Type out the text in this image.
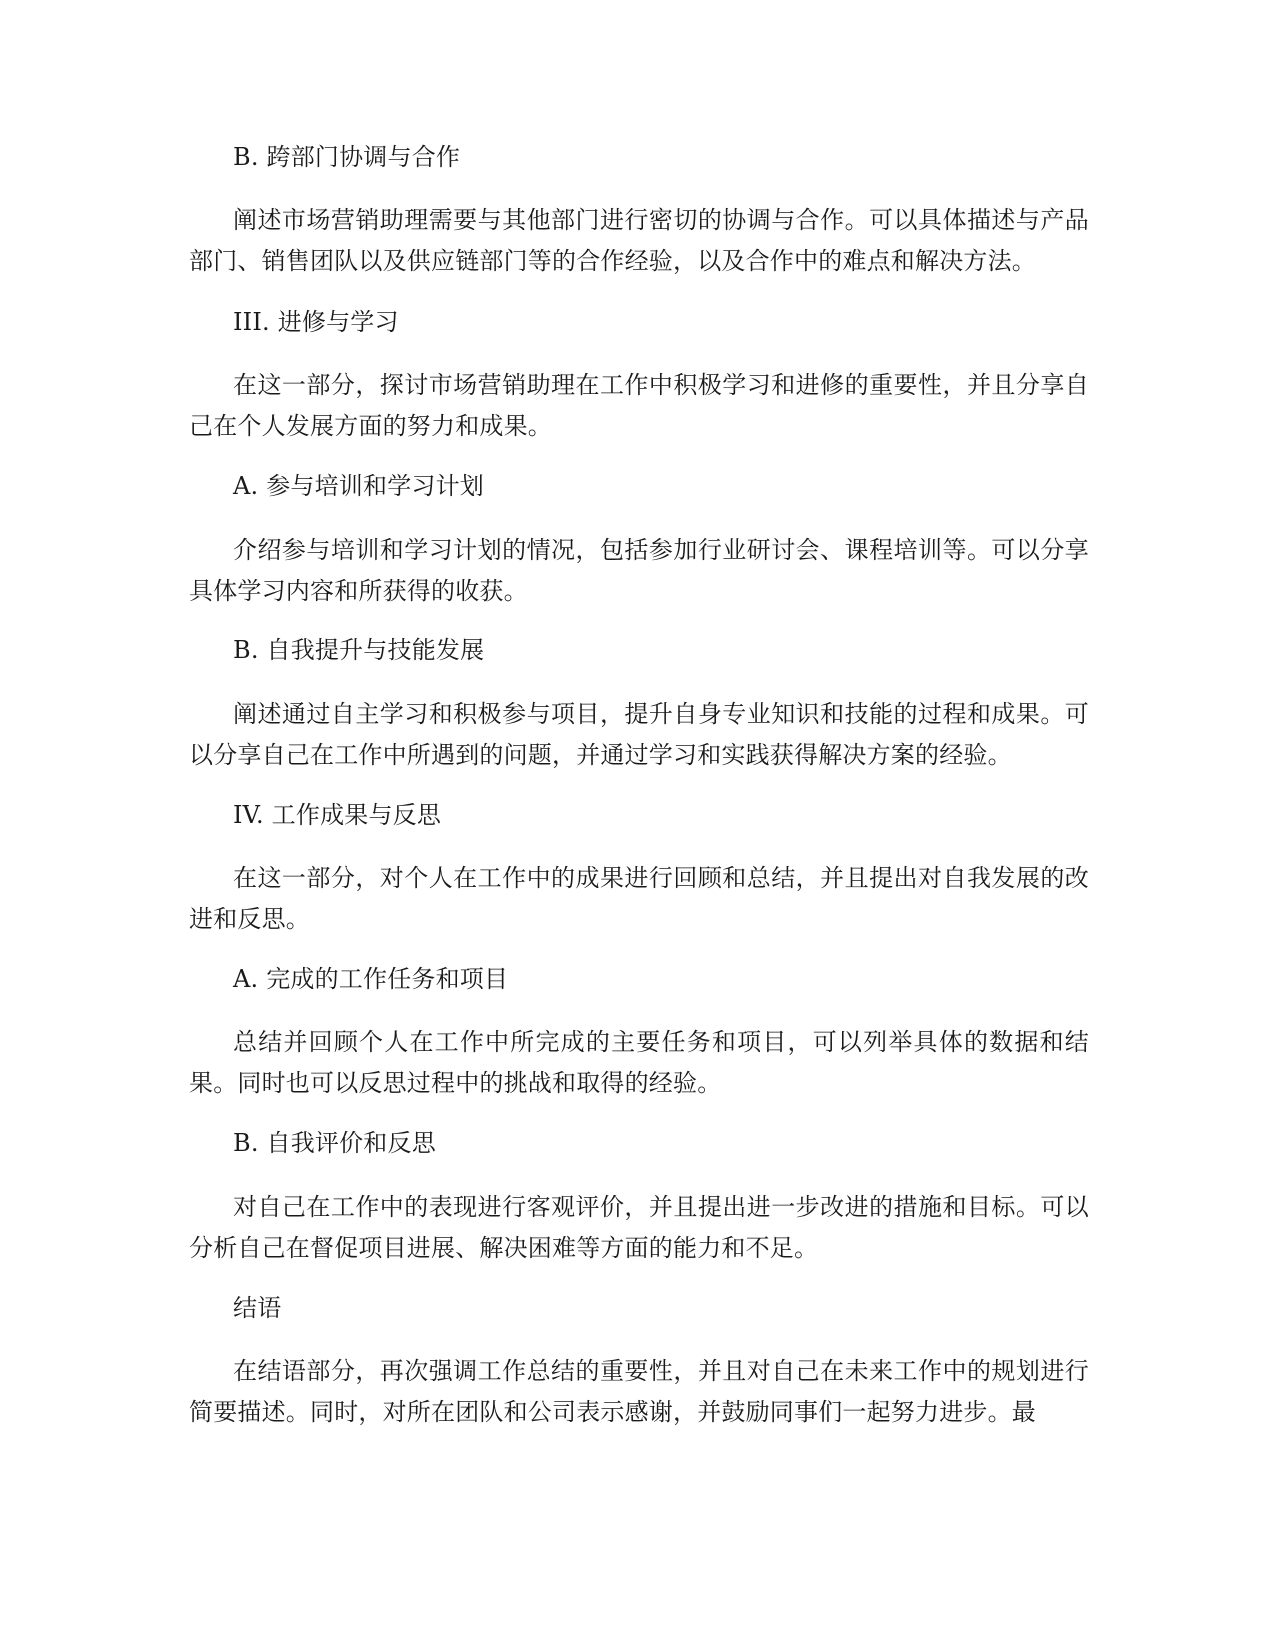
B. 跨部门协调与合作

阐述市场营销助理需要与其他部门进行密切的协调与合作。可以具体描述与产品部门、销售团队以及供应链部门等的合作经验，以及合作中的难点和解决方法。

III. 进修与学习

在这一部分，探讨市场营销助理在工作中积极学习和进修的重要性，并且分享自己在个人发展方面的努力和成果。

A. 参与培训和学习计划

介绍参与培训和学习计划的情况，包括参加行业研讨会、课程培训等。可以分享具体学习内容和所获得的收获。

B. 自我提升与技能发展

阐述通过自主学习和积极参与项目，提升自身专业知识和技能的过程和成果。可以分享自己在工作中所遇到的问题，并通过学习和实践获得解决方案的经验。

IV. 工作成果与反思

在这一部分，对个人在工作中的成果进行回顾和总结，并且提出对自我发展的改进和反思。

A. 完成的工作任务和项目

总结并回顾个人在工作中所完成的主要任务和项目，可以列举具体的数据和结果。同时也可以反思过程中的挑战和取得的经验。

B. 自我评价和反思

对自己在工作中的表现进行客观评价，并且提出进一步改进的措施和目标。可以分析自己在督促项目进展、解决困难等方面的能力和不足。

结语

在结语部分，再次强调工作总结的重要性，并且对自己在未来工作中的规划进行简要描述。同时，对所在团队和公司表示感谢，并鼓励同事们一起努力进步。最
